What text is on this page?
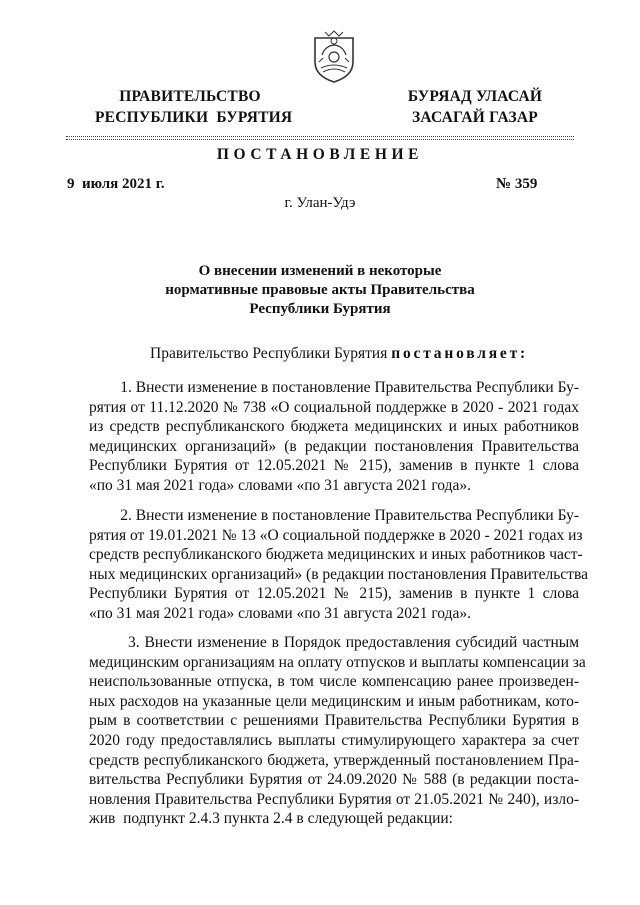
ПРАВИТЕЛЬСТВО
РЕСПУБЛИКИ  БУРЯТИЯ
БУРЯАД УЛАСАЙ
ЗАСАГАЙ ГАЗАР
ПОСТАНОВЛЕНИЕ
9  июля 2021 г.	№ 359
г. Улан-Удэ
О внесении изменений в некоторые
нормативные правовые акты Правительства
Республики Бурятия
Правительство Республики Бурятия постановляет:
1. Внести изменение в постановление Правительства Республики Бу-
рятия от 11.12.2020 № 738 «О социальной поддержке в 2020 - 2021 годах
из средств республиканского бюджета медицинских и иных работников
медицинских организаций» (в редакции постановления Правительства
Республики Бурятия от 12.05.2021 № 215), заменив в пункте 1 слова
«по 31 мая 2021 года» словами «по 31 августа 2021 года».
2. Внести изменение в постановление Правительства Республики Бу-
рятия от 19.01.2021 № 13 «О социальной поддержке в 2020 - 2021 годах из
средств республиканского бюджета медицинских и иных работников част-
ных медицинских организаций» (в редакции постановления Правительства
Республики Бурятия от 12.05.2021 № 215), заменив в пункте 1 слова
«по 31 мая 2021 года» словами «по 31 августа 2021 года».
3. Внести изменение в Порядок предоставления субсидий частным
медицинским организациям на оплату отпусков и выплаты компенсации за
неиспользованные отпуска, в том числе компенсацию ранее произведен-
ных расходов на указанные цели медицинским и иным работникам, кото-
рым в соответствии с решениями Правительства Республики Бурятия в
2020 году предоставлялись выплаты стимулирующего характера за счет
средств республиканского бюджета, утвержденный постановлением Пра-
вительства Республики Бурятия от 24.09.2020 № 588 (в редакции поста-
новления Правительства Республики Бурятия от 21.05.2021 № 240), изло-
жив  подпункт 2.4.3 пункта 2.4 в следующей редакции:
